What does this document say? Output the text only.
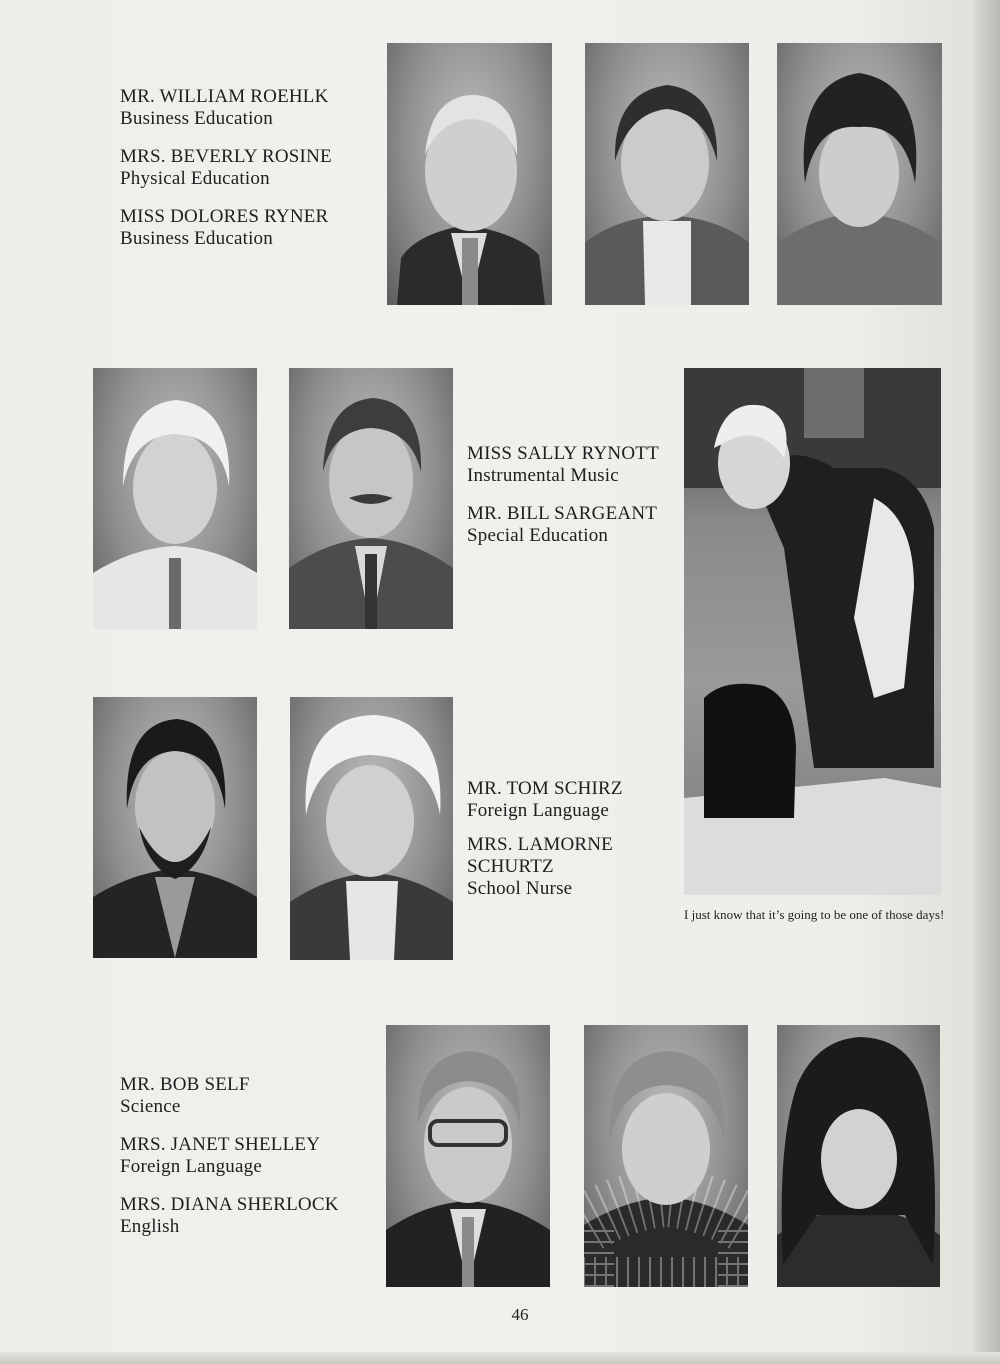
MR. WILLIAM ROEHLK
Business Education
MRS. BEVERLY ROSINE
Physical Education
MISS DOLORES RYNER
Business Education
MISS SALLY RYNOTT
Instrumental Music
MR. BILL SARGEANT
Special Education
MR. TOM SCHIRZ
Foreign Language
MRS. LAMORNE SCHURTZ
School Nurse
MR. BOB SELF
Science
MRS. JANET SHELLEY
Foreign Language
MRS. DIANA SHERLOCK
English
I just know that it’s going to be one of those days!
46
